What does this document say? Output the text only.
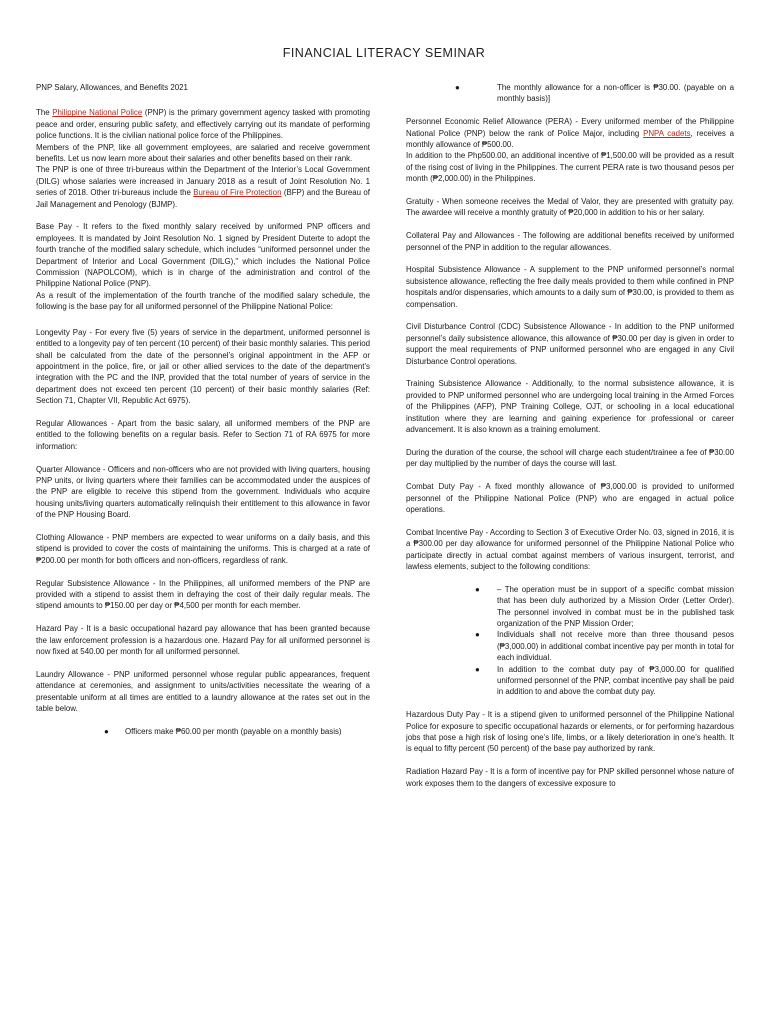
FINANCIAL LITERACY SEMINAR

PNP Salary, Allowances, and Benefits 2021

The Philippine National Police (PNP) is the primary government agency tasked with promoting peace and order, ensuring public safety, and effectively carrying out its mandate of performing police functions. It is the civilian national police force of the Philippines.

Members of the PNP, like all government employees, are salaried and receive government benefits. Let us now learn more about their salaries and other benefits based on their rank.

The PNP is one of three tri-bureaus within the Department of the Interior’s Local Government (DILG) whose salaries were increased in January 2018 as a result of Joint Resolution No. 1 series of 2018. Other tri-bureaus include the Bureau of Fire Protection (BFP) and the Bureau of Jail Management and Penology (BJMP).

Base Pay - It refers to the fixed monthly salary received by uniformed PNP officers and employees. It is mandated by Joint Resolution No. 1 signed by President Duterte to adopt the fourth tranche of the modified salary schedule, which includes “uniformed personnel under the Department of Interior and Local Government (DILG),” which includes the National Police Commission (NAPOLCOM), which is in charge of the administration and control of the Philippine National Police (PNP).

As a result of the implementation of the fourth tranche of the modified salary schedule, the following is the base pay for all uniformed personnel of the Philippine National Police:

Longevity Pay - For every five (5) years of service in the department, uniformed personnel is entitled to a longevity pay of ten percent (10 percent) of their basic monthly salaries. This period shall be calculated from the date of the personnel’s original appointment in the AFP or appointment in the police, fire, or jail or other allied services to the date of the department’s integration with the PC and the INP, provided that the total number of years of service in the department does not exceed ten percent (10 percent) of their basic monthly salaries (Ref: Section 71, Chapter VII, Republic Act 6975).

Regular Allowances - Apart from the basic salary, all uniformed members of the PNP are entitled to the following benefits on a regular basis. Refer to Section 71 of RA 6975 for more information:

Quarter Allowance - Officers and non-officers who are not provided with living quarters, housing PNP units, or living quarters where their families can be accommodated under the auspices of the PNP are eligible to receive this stipend from the government. Individuals who acquire housing units/living quarters automatically relinquish their entitlement to this allowance in favor of the PNP Housing Board.

Clothing Allowance - PNP members are expected to wear uniforms on a daily basis, and this stipend is provided to cover the costs of maintaining the uniforms. This is charged at a rate of ₱200.00 per month for both officers and non-officers, regardless of rank.

Regular Subsistence Allowance - In the Philippines, all uniformed members of the PNP are provided with a stipend to assist them in defraying the cost of their daily regular meals. The stipend amounts to ₱150.00 per day or ₱4,500 per month for each member.

Hazard Pay - It is a basic occupational hazard pay allowance that has been granted because the law enforcement profession is a hazardous one. Hazard Pay for all uniformed personnel is now fixed at 540.00 per month for all uniformed personnel.

Laundry Allowance - PNP uniformed personnel whose regular public appearances, frequent attendance at ceremonies, and assignment to units/activities necessitate the wearing of a presentable uniform at all times are entitled to a laundry allowance at the rates set out in the table below.

● Officers make ₱60.00 per month (payable on a monthly basis)
●	The monthly allowance for a non-officer is ₱30.00. (payable on a monthly basis)]

Personnel Economic Relief Allowance (PERA) - Every uniformed member of the Philippine National Police (PNP) below the rank of Police Major, including PNPA cadets, receives a monthly allowance of ₱500.00.

In addition to the Php500.00, an additional incentive of ₱1,500.00 will be provided as a result of the rising cost of living in the Philippines. The current PERA rate is two thousand pesos per month (₱2,000.00) in the Philippines.

Gratuity - When someone receives the Medal of Valor, they are presented with gratuity pay. The awardee will receive a monthly gratuity of ₱20,000 in addition to his or her salary.

Collateral Pay and Allowances - The following are additional benefits received by uniformed personnel of the PNP in addition to the regular allowances.

Hospital Subsistence Allowance - A supplement to the PNP uniformed personnel’s normal subsistence allowance, reflecting the free daily meals provided to them while confined in PNP hospitals and/or dispensaries, which amounts to a daily sum of ₱30.00, is provided to them as compensation.

Civil Disturbance Control (CDC) Subsistence Allowance - In addition to the PNP uniformed personnel’s daily subsistence allowance, this allowance of ₱30.00 per day is given in order to support the meal requirements of PNP uniformed personnel who are engaged in any Civil Disturbance Control operations.

Training Subsistence Allowance - Additionally, to the normal subsistence allowance, it is provided to PNP uniformed personnel who are undergoing local training in the Armed Forces of the Philippines (AFP), PNP Training College, OJT, or schooling in a local educational institution where they are learning and gaining experience for professional or career advancement. It is also known as a training emolument.

During the duration of the course, the school will charge each student/trainee a fee of ₱30.00 per day multiplied by the number of days the course will last.

Combat Duty Pay - A fixed monthly allowance of ₱3,000.00 is provided to uniformed personnel of the Philippine National Police (PNP) who are engaged in actual police operations.

Combat Incentive Pay - According to Section 3 of Executive Order No. 03, signed in 2016, it is a ₱300.00 per day allowance for uniformed personnel of the Philippine National Police who participate directly in actual combat against members of various insurgent, terrorist, and lawless elements, subject to the following conditions:

● – The operation must be in support of a specific combat mission that has been duly authorized by a Mission Order (Letter Order). The personnel involved in combat must be in the published task organization of the PNP Mission Order;
● Individuals shall not receive more than three thousand pesos (₱3,000.00) in additional combat incentive pay per month in total for each individual.
● In addition to the combat duty pay of ₱3,000.00 for qualified uniformed personnel of the PNP, combat incentive pay shall be paid in addition to and above the combat duty pay.

Hazardous Duty Pay - It is a stipend given to uniformed personnel of the Philippine National Police for exposure to specific occupational hazards or elements, or for performing hazardous jobs that pose a high risk of losing one’s life, limbs, or a likely deterioration in one’s health. It is equal to fifty percent (50 percent) of the base pay authorized by rank.

Radiation Hazard Pay - It is a form of incentive pay for PNP skilled personnel whose nature of work exposes them to the dangers of excessive exposure to
